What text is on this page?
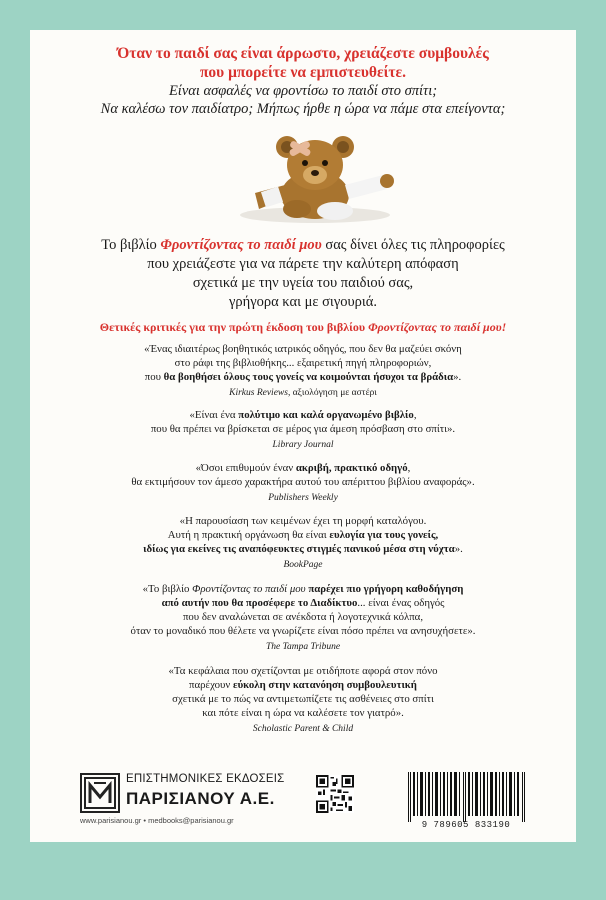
Όταν το παιδί σας είναι άρρωστο, χρειάζεστε συμβουλές
που μπορείτε να εμπιστευθείτε.
Είναι ασφαλές να φροντίσω το παιδί στο σπίτι;
Να καλέσω τον παιδίατρο; Μήπως ήρθε η ώρα να πάμε στα επείγοντα;
Το βιβλίο Φροντίζοντας το παιδί μου σας δίνει όλες τις πληροφορίες
που χρειάζεστε για να πάρετε την καλύτερη απόφαση
σχετικά με την υγεία του παιδιού σας,
γρήγορα και με σιγουριά.
Θετικές κριτικές για την πρώτη έκδοση του βιβλίου Φροντίζοντας το παιδί μου!
«Ένας ιδιαιτέρως βοηθητικός ιατρικός οδηγός, που δεν θα μαζεύει σκόνη
στο ράφι της βιβλιοθήκης... εξαιρετική πηγή πληροφοριών,
που θα βοηθήσει όλους τους γονείς να κοιμούνται ήσυχοι τα βράδια».
Kirkus Reviews, αξιολόγηση με αστέρι
«Είναι ένα πολύτιμο και καλά οργανωμένο βιβλίο,
που θα πρέπει να βρίσκεται σε μέρος για άμεση πρόσβαση στο σπίτι».
Library Journal
«Όσοι επιθυμούν έναν ακριβή, πρακτικό οδηγό,
θα εκτιμήσουν τον άμεσο χαρακτήρα αυτού του απέριττου βιβλίου αναφοράς».
Publishers Weekly
«Η παρουσίαση των κειμένων έχει τη μορφή καταλόγου.
Αυτή η πρακτική οργάνωση θα είναι ευλογία για τους γονείς,
ιδίως για εκείνες τις αναπόφευκτες στιγμές πανικού μέσα στη νύχτα».
BookPage
«Το βιβλίο Φροντίζοντας το παιδί μου παρέχει πιο γρήγορη καθοδήγηση
από αυτήν που θα προσέφερε το Διαδίκτυο... είναι ένας οδηγός
που δεν αναλώνεται σε ανέκδοτα ή λογοτεχνικά κόλπα,
όταν το μοναδικό που θέλετε να γνωρίζετε είναι πόσο πρέπει να ανησυχήσετε».
The Tampa Tribune
«Τα κεφάλαια που σχετίζονται με οτιδήποτε αφορά στον πόνο
παρέχουν εύκολη στην κατανόηση συμβουλευτική
σχετικά με το πώς να αντιμετωπίζετε τις ασθένειες στο σπίτι
και πότε είναι η ώρα να καλέσετε τον γιατρό».
Scholastic Parent & Child
ΕΠΙΣΤΗΜΟΝΙΚΕΣ ΕΚΔΟΣΕΙΣ
ΠΑΡΙΣΙΑΝΟΥ Α.Ε.
www.parisianou.gr • medbooks@parisianou.gr	9 789605 833190
